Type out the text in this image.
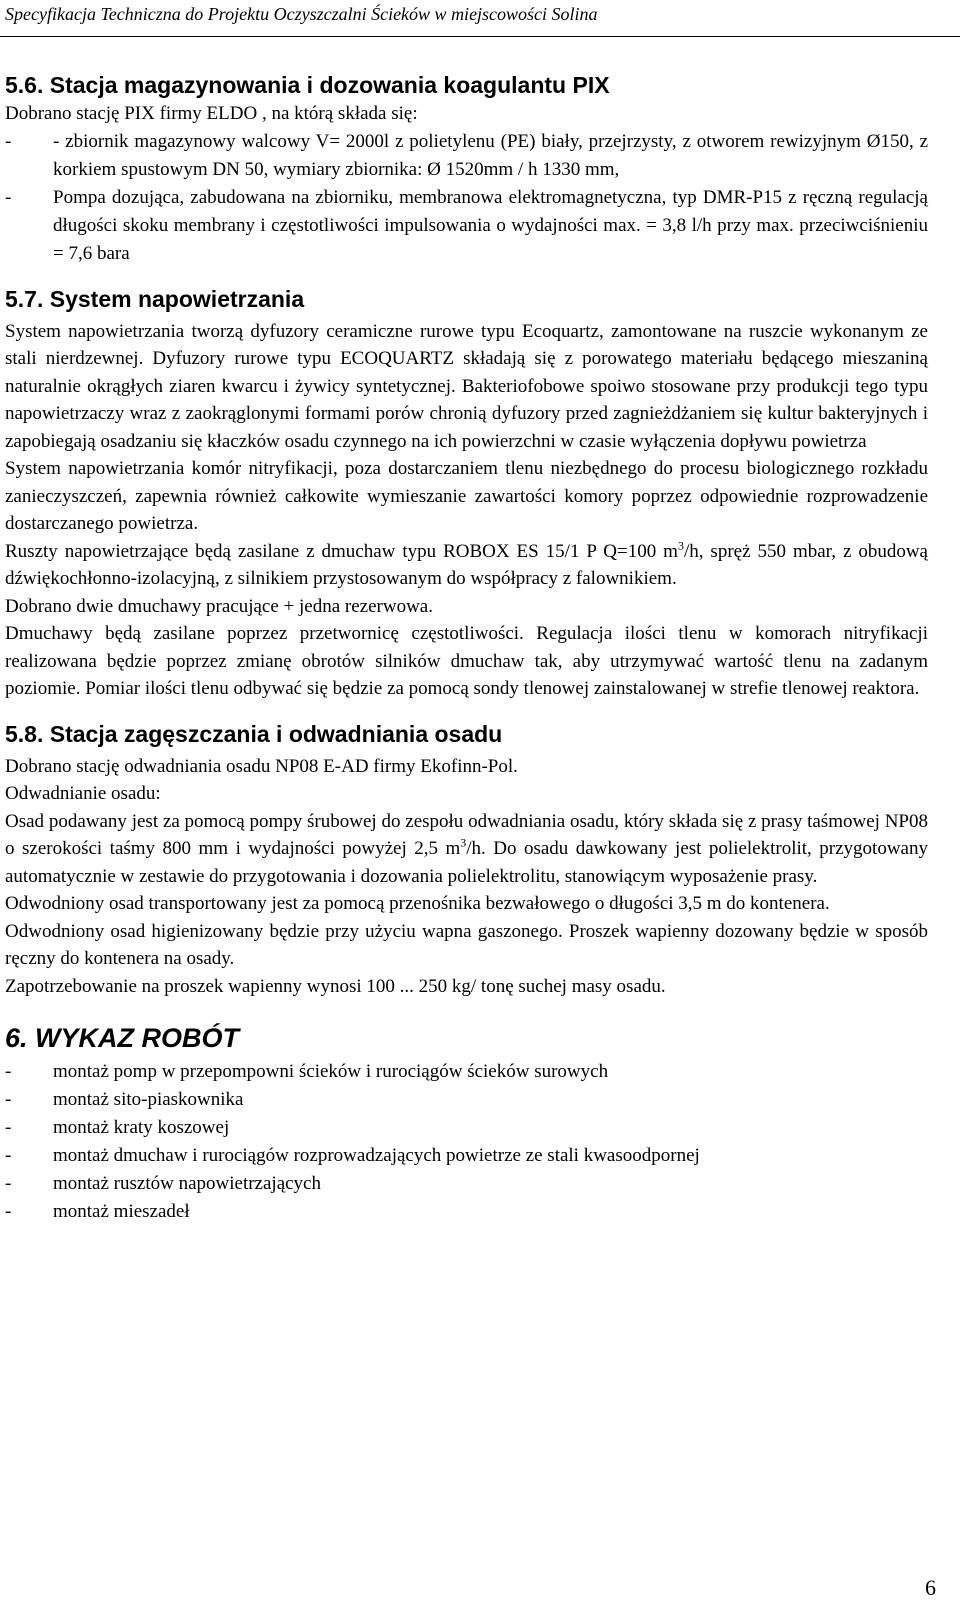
Specyfikacja Techniczna do Projektu Oczyszczalni Ścieków w miejscowości Solina
5.6. Stacja magazynowania i dozowania koagulantu PIX

Dobrano stację PIX firmy ELDO , na którą składa się:

- - zbiornik magazynowy walcowy V= 2000l z polietylenu (PE) biały, przejrzysty, z otworem rewizyjnym Ø150, z korkiem spustowym DN 50, wymiary zbiornika: Ø 1520mm / h 1330 mm,
- Pompa dozująca, zabudowana na zbiorniku, membranowa elektromagnetyczna, typ DMR-P15 z ręczną regulacją długości skoku membrany i częstotliwości impulsowania o wydajności max. = 3,8 l/h przy max. przeciwciśnieniu = 7,6 bara
5.7. System napowietrzania

System napowietrzania tworzą dyfuzory ceramiczne rurowe typu Ecoquartz, zamontowane na ruszcie wykonanym ze stali nierdzewnej. Dyfuzory rurowe typu ECOQUARTZ składają się z porowatego materiału będącego mieszaniną naturalnie okrągłych ziaren kwarcu i żywicy syntetycznej. Bakteriofobowe spoiwo stosowane przy produkcji tego typu napowietrzaczy wraz z zaokrąglonymi formami porów chronią dyfuzory przed zagnieżdżaniem się kultur bakteryjnych i zapobiegają osadzaniu się kłaczków osadu czynnego na ich powierzchni w czasie wyłączenia dopływu powietrza

System napowietrzania komór nitryfikacji, poza dostarczaniem tlenu niezbędnego do procesu biologicznego rozkładu zanieczyszczeń, zapewnia również całkowite wymieszanie zawartości komory poprzez odpowiednie rozprowadzenie dostarczanego powietrza.

Ruszty napowietrzające będą zasilane z dmuchaw typu ROBOX ES 15/1 P Q=100 $m^3/h$, spręż 550 mbar, z obudową dźwiękochłonno-izolacyjną, z silnikiem przystosowanym do współpracy z falownikiem.

Dobrano dwie dmuchawy pracujące + jedna rezerwowa.

Dmuchawy będą zasilane poprzez przetwornicę częstotliwości. Regulacja ilości tlenu w komorach nitryfikacji realizowana będzie poprzez zmianę obrotów silników dmuchaw tak, aby utrzymywać wartość tlenu na zadanym poziomie. Pomiar ilości tlenu odbywać się będzie za pomocą sondy tlenowej zainstalowanej w strefie tlenowej reaktora.

5.8. Stacja zagęszczania i odwadniania osadu

Dobrano stację odwadniania osadu NP08 E-AD firmy Ekofinn-Pol.

Odwadnianie osadu:

Osad podawany jest za pomocą pompy śrubowej do zespołu odwadniania osadu, który składa się z prasy taśmowej NP08 o szerokości taśmy 800 mm i wydajności powyżej 2,5 $m^3/h$. Do osadu dawkowany jest polielektrolit, przygotowany automatycznie w zestawie do przygotowania i dozowania polielektrolitu, stanowiącym wyposażenie prasy.

Odwodniony osad transportowany jest za pomocą przenośnika bezwałowego o długości 3,5 m do kontenera.

Odwodniony osad higienizowany będzie przy użyciu wapna gaszonego. Proszek wapienny dozowany będzie w sposób ręczny do kontenera na osady.

Zapotrzebowanie na proszek wapienny wynosi 100 ... 250 kg/ tonę suchej masy osadu.

6. WYKAZ ROBÓT
- montaż pomp w przepompowni ścieków i rurociągów ścieków surowych
- montaż sito-piaskownika
- montaż kraty koszowej
- montaż dmuchaw i rurociągów rozprowadzających powietrze ze stali kwasoodpornej
- montaż rusztów napowietrzających
- montaż mieszadeł
6
